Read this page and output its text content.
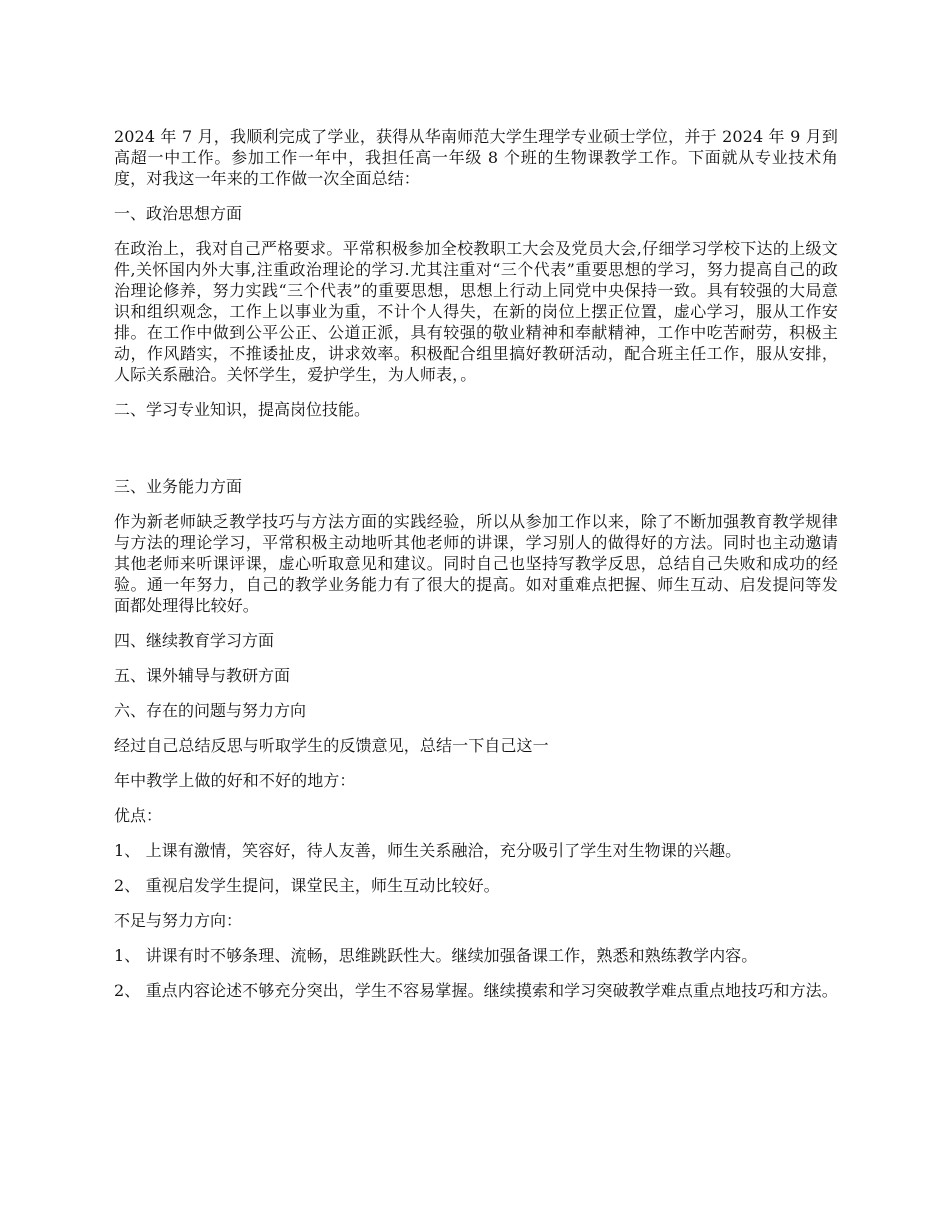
2024 年 7 月，我顺利完成了学业，获得从华南师范大学生理学专业硕士学位，并于 2024 年 9 月到高超一中工作。参加工作一年中，我担任高一年级 8 个班的生物课教学工作。下面就从专业技术角度，对我这一年来的工作做一次全面总结：

一、政治思想方面

在政治上，我对自己严格要求。平常积极参加全校教职工大会及党员大会,仔细学习学校下达的上级文件,关怀国内外大事,注重政治理论的学习.尤其注重对“三个代表”重要思想的学习，努力提高自己的政治理论修养，努力实践“三个代表”的重要思想，思想上行动上同党中央保持一致。具有较强的大局意识和组织观念，工作上以事业为重，不计个人得失，在新的岗位上摆正位置，虚心学习，服从工作安排。在工作中做到公平公正、公道正派，具有较强的敬业精神和奉献精神，工作中吃苦耐劳，积极主动，作风踏实，不推诿扯皮，讲求效率。积极配合组里搞好教研活动，配合班主任工作，服从安排，人际关系融洽。关怀学生，爱护学生，为人师表，。

二、学习专业知识，提高岗位技能。

三、业务能力方面

作为新老师缺乏教学技巧与方法方面的实践经验，所以从参加工作以来，除了不断加强教育教学规律与方法的理论学习，平常积极主动地听其他老师的讲课，学习别人的做得好的方法。同时也主动邀请其他老师来听课评课，虚心听取意见和建议。同时自己也坚持写教学反思，总结自己失败和成功的经验。通一年努力，自己的教学业务能力有了很大的提高。如对重难点把握、师生互动、启发提问等发面都处理得比较好。

四、继续教育学习方面

五、课外辅导与教研方面

六、存在的问题与努力方向

经过自己总结反思与听取学生的反馈意见，总结一下自己这一

年中教学上做的好和不好的地方：

优点：

1、 上课有激情，笑容好，待人友善，师生关系融洽，充分吸引了学生对生物课的兴趣。

2、 重视启发学生提问，课堂民主，师生互动比较好。

不足与努力方向：

1、 讲课有时不够条理、流畅，思维跳跃性大。继续加强备课工作，熟悉和熟练教学内容。

2、 重点内容论述不够充分突出，学生不容易掌握。继续摸索和学习突破教学难点重点地技巧和方法。
